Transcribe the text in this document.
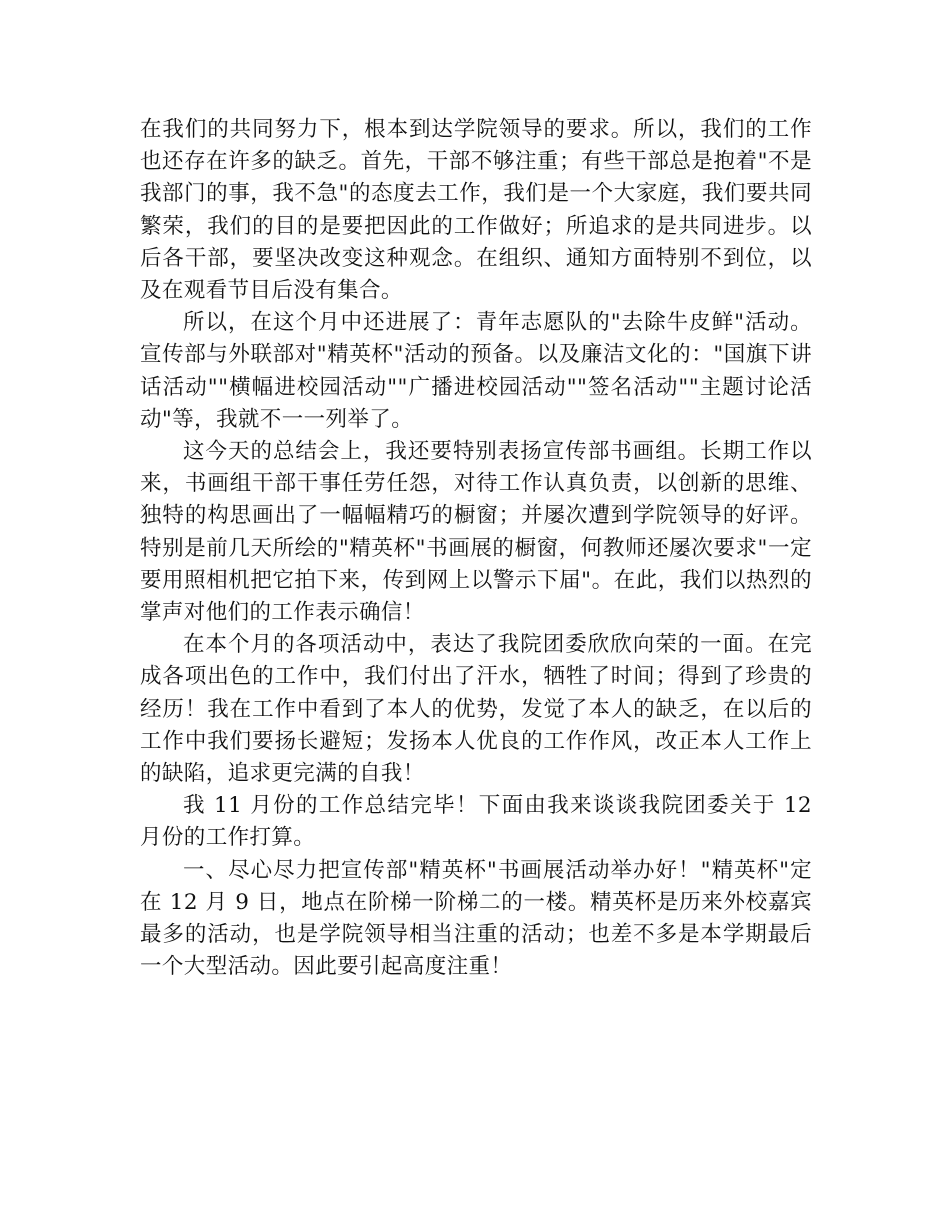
在我们的共同努力下，根本到达学院领导的要求。所以，我们的工作也还存在许多的缺乏。首先，干部不够注重；有些干部总是抱着"不是我部门的事，我不急"的态度去工作，我们是一个大家庭，我们要共同繁荣，我们的目的是要把因此的工作做好；所追求的是共同进步。以后各干部，要坚决改变这种观念。在组织、通知方面特别不到位，以及在观看节目后没有集合。

所以，在这个月中还进展了：青年志愿队的"去除牛皮鲜"活动。宣传部与外联部对"精英杯"活动的预备。以及廉洁文化的："国旗下讲话活动""横幅进校园活动""广播进校园活动""签名活动""主题讨论活动"等，我就不一一列举了。

这今天的总结会上，我还要特别表扬宣传部书画组。长期工作以来，书画组干部干事任劳任怨，对待工作认真负责，以创新的思维、独特的构思画出了一幅幅精巧的橱窗；并屡次遭到学院领导的好评。特别是前几天所绘的"精英杯"书画展的橱窗，何教师还屡次要求"一定要用照相机把它拍下来，传到网上以警示下届"。在此，我们以热烈的掌声对他们的工作表示确信！

在本个月的各项活动中，表达了我院团委欣欣向荣的一面。在完成各项出色的工作中，我们付出了汗水，牺牲了时间；得到了珍贵的经历！我在工作中看到了本人的优势，发觉了本人的缺乏，在以后的工作中我们要扬长避短；发扬本人优良的工作作风，改正本人工作上的缺陷，追求更完满的自我！

我 11 月份的工作总结完毕！下面由我来谈谈我院团委关于 12 月份的工作打算。

一、尽心尽力把宣传部"精英杯"书画展活动举办好！"精英杯"定在 12 月 9 日，地点在阶梯一阶梯二的一楼。精英杯是历来外校嘉宾最多的活动，也是学院领导相当注重的活动；也差不多是本学期最后一个大型活动。因此要引起高度注重！
